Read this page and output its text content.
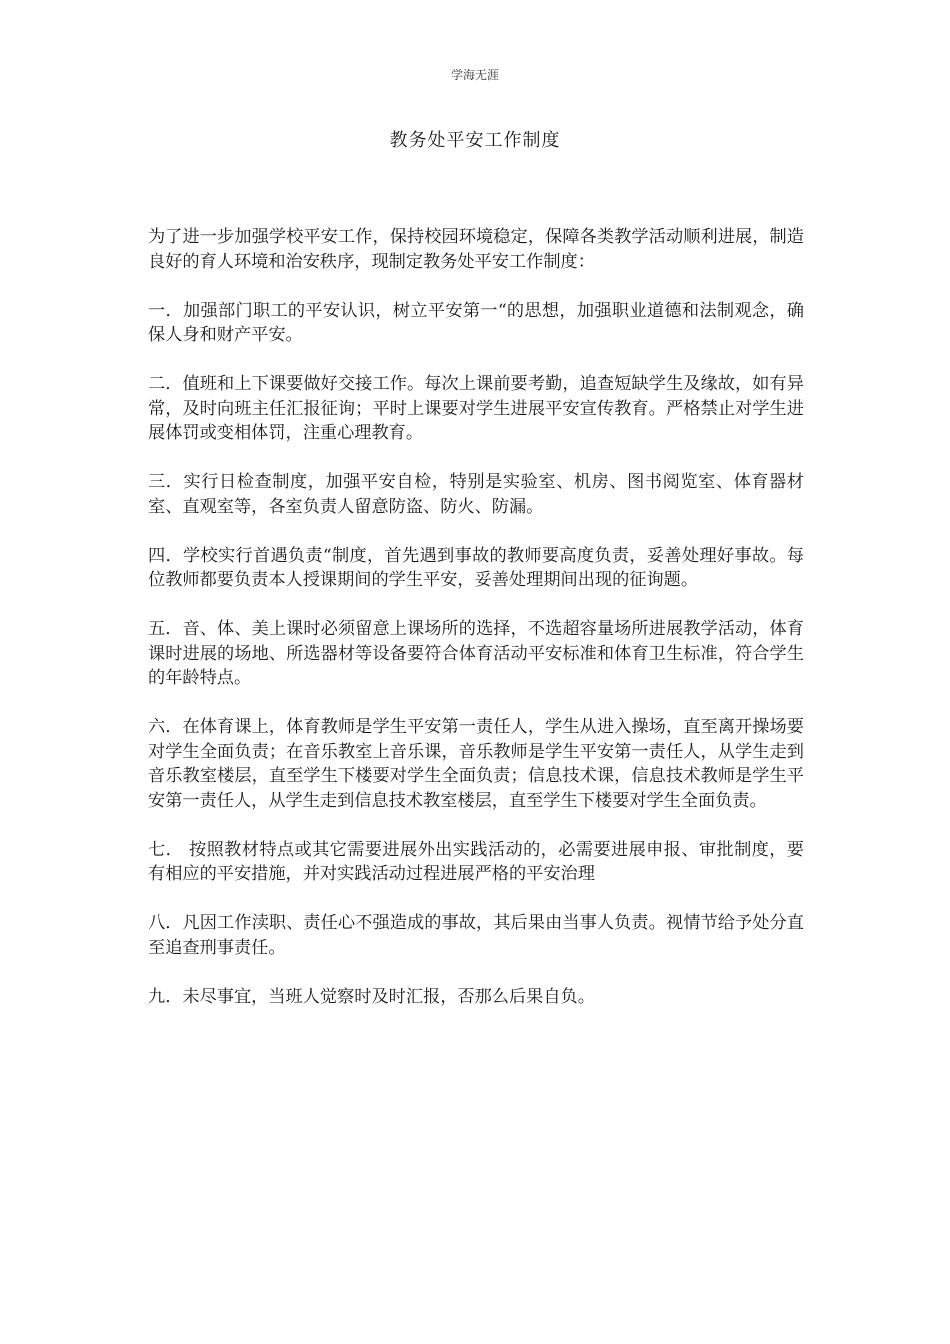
学海无涯
教务处平安工作制度

为了进一步加强学校平安工作，保持校园环境稳定，保障各类教学活动顺利进展，制造良好的育人环境和治安秩序，现制定教务处平安工作制度：

一．加强部门职工的平安认识，树立平安第一“的思想，加强职业道德和法制观念，确保人身和财产平安。

二．值班和上下课要做好交接工作。每次上课前要考勤，追查短缺学生及缘故，如有异常，及时向班主任汇报征询；平时上课要对学生进展平安宣传教育。严格禁止对学生进展体罚或变相体罚，注重心理教育。

三．实行日检查制度，加强平安自检，特别是实验室、机房、图书阅览室、体育器材室、直观室等，各室负责人留意防盗、防火、防漏。

四．学校实行首遇负责“制度，首先遇到事故的教师要高度负责，妥善处理好事故。每位教师都要负责本人授课期间的学生平安，妥善处理期间出现的征询题。

五．音、体、美上课时必须留意上课场所的选择，不选超容量场所进展教学活动，体育课时进展的场地、所选器材等设备要符合体育活动平安标准和体育卫生标准，符合学生的年龄特点。

六．在体育课上，体育教师是学生平安第一责任人，学生从进入操场，直至离开操场要对学生全面负责；在音乐教室上音乐课，音乐教师是学生平安第一责任人，从学生走到音乐教室楼层，直至学生下楼要对学生全面负责；信息技术课，信息技术教师是学生平安第一责任人，从学生走到信息技术教室楼层，直至学生下楼要对学生全面负责。

七． 按照教材特点或其它需要进展外出实践活动的，必需要进展申报、审批制度，要有相应的平安措施，并对实践活动过程进展严格的平安治理

八．凡因工作渎职、责任心不强造成的事故，其后果由当事人负责。视情节给予处分直至追查刑事责任。

九．未尽事宜，当班人觉察时及时汇报，否那么后果自负。
